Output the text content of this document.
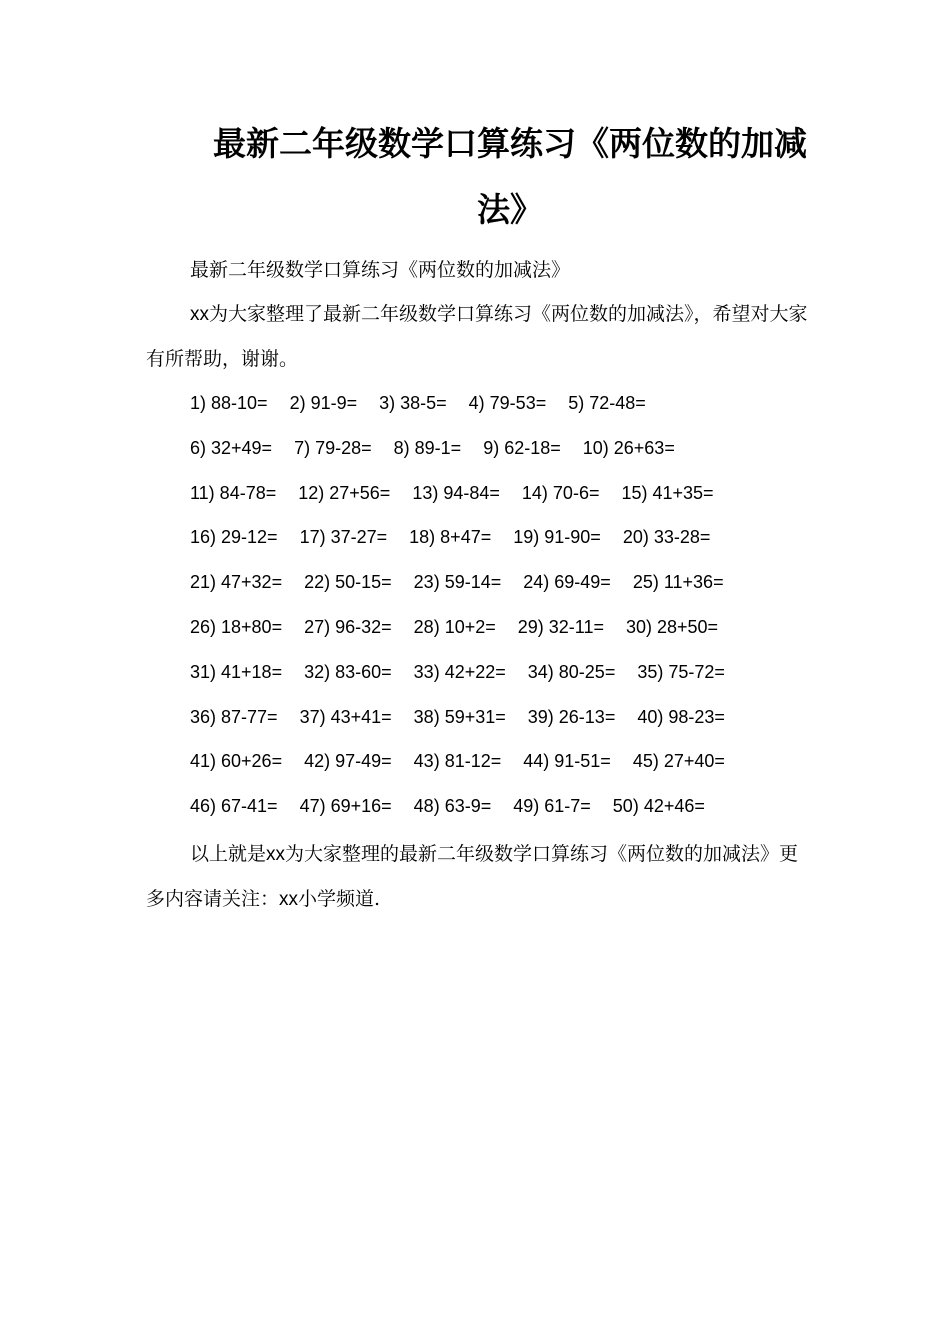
最新二年级数学口算练习《两位数的加减
法》

最新二年级数学口算练习《两位数的加减法》

xx为大家整理了最新二年级数学口算练习《两位数的加减法》，希望对大家有所帮助，谢谢。

1) 88-10= 2) 91-9= 3) 38-5= 4) 79-53= 5) 72-48=
6) 32+49= 7) 79-28= 8) 89-1= 9) 62-18= 10) 26+63=
11) 84-78= 12) 27+56= 13) 94-84= 14) 70-6= 15) 41+35=
16) 29-12= 17) 37-27= 18) 8+47= 19) 91-90= 20) 33-28=
21) 47+32= 22) 50-15= 23) 59-14= 24) 69-49= 25) 11+36=
26) 18+80= 27) 96-32= 28) 10+2= 29) 32-11= 30) 28+50=
31) 41+18= 32) 83-60= 33) 42+22= 34) 80-25= 35) 75-72=
36) 87-77= 37) 43+41= 38) 59+31= 39) 26-13= 40) 98-23=
41) 60+26= 42) 97-49= 43) 81-12= 44) 91-51= 45) 27+40=
46) 67-41= 47) 69+16= 48) 63-9= 49) 61-7= 50) 42+46=

以上就是xx为大家整理的最新二年级数学口算练习《两位数的加减法》更多内容请关注：xx小学频道.
